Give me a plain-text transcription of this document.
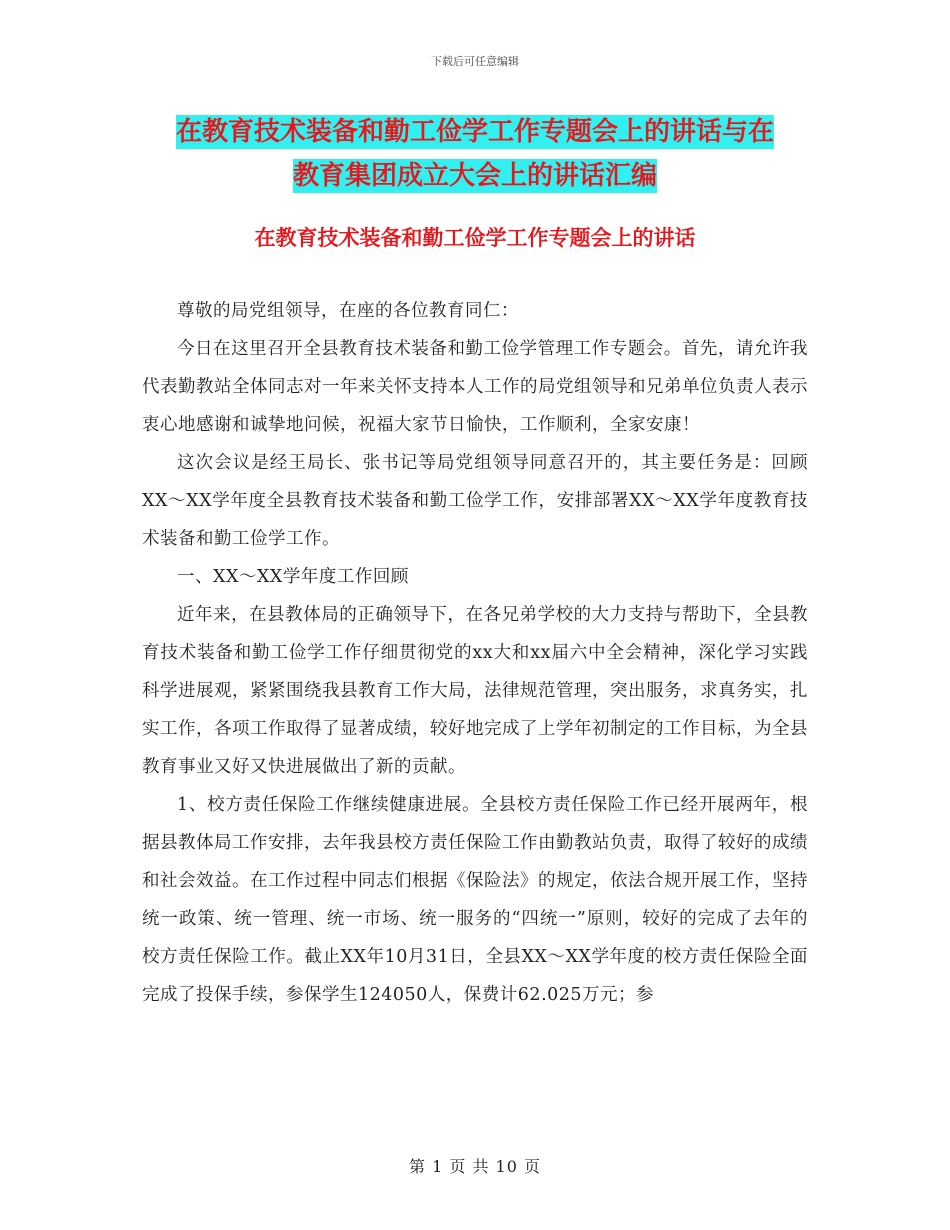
下载后可任意编辑
在教育技术装备和勤工俭学工作专题会上的讲话与在
教育集团成立大会上的讲话汇编
在教育技术装备和勤工俭学工作专题会上的讲话

尊敬的局党组领导，在座的各位教育同仁：

今日在这里召开全县教育技术装备和勤工俭学管理工作专题会。首先，请允许我代表勤教站全体同志对一年来关怀支持本人工作的局党组领导和兄弟单位负责人表示衷心地感谢和诚挚地问候，祝福大家节日愉快，工作顺利，全家安康！

这次会议是经王局长、张书记等局党组领导同意召开的，其主要任务是：回顾XX～XX学年度全县教育技术装备和勤工俭学工作，安排部署XX～XX学年度教育技术装备和勤工俭学工作。

一、XX～XX学年度工作回顾

近年来，在县教体局的正确领导下，在各兄弟学校的大力支持与帮助下，全县教育技术装备和勤工俭学工作仔细贯彻党的xx大和xx届六中全会精神，深化学习实践科学进展观，紧紧围绕我县教育工作大局，法律规范管理，突出服务，求真务实，扎实工作，各项工作取得了显著成绩，较好地完成了上学年初制定的工作目标，为全县教育事业又好又快进展做出了新的贡献。

1、校方责任保险工作继续健康进展。全县校方责任保险工作已经开展两年，根据县教体局工作安排，去年我县校方责任保险工作由勤教站负责，取得了较好的成绩和社会效益。在工作过程中同志们根据《保险法》的规定，依法合规开展工作，坚持统一政策、统一管理、统一市场、统一服务的“四统一”原则，较好的完成了去年的校方责任保险工作。截止XX年10月31日，全县XX～XX学年度的校方责任保险全面完成了投保手续，参保学生124050人，保费计62.025万元；参

第 1 页 共 10 页
